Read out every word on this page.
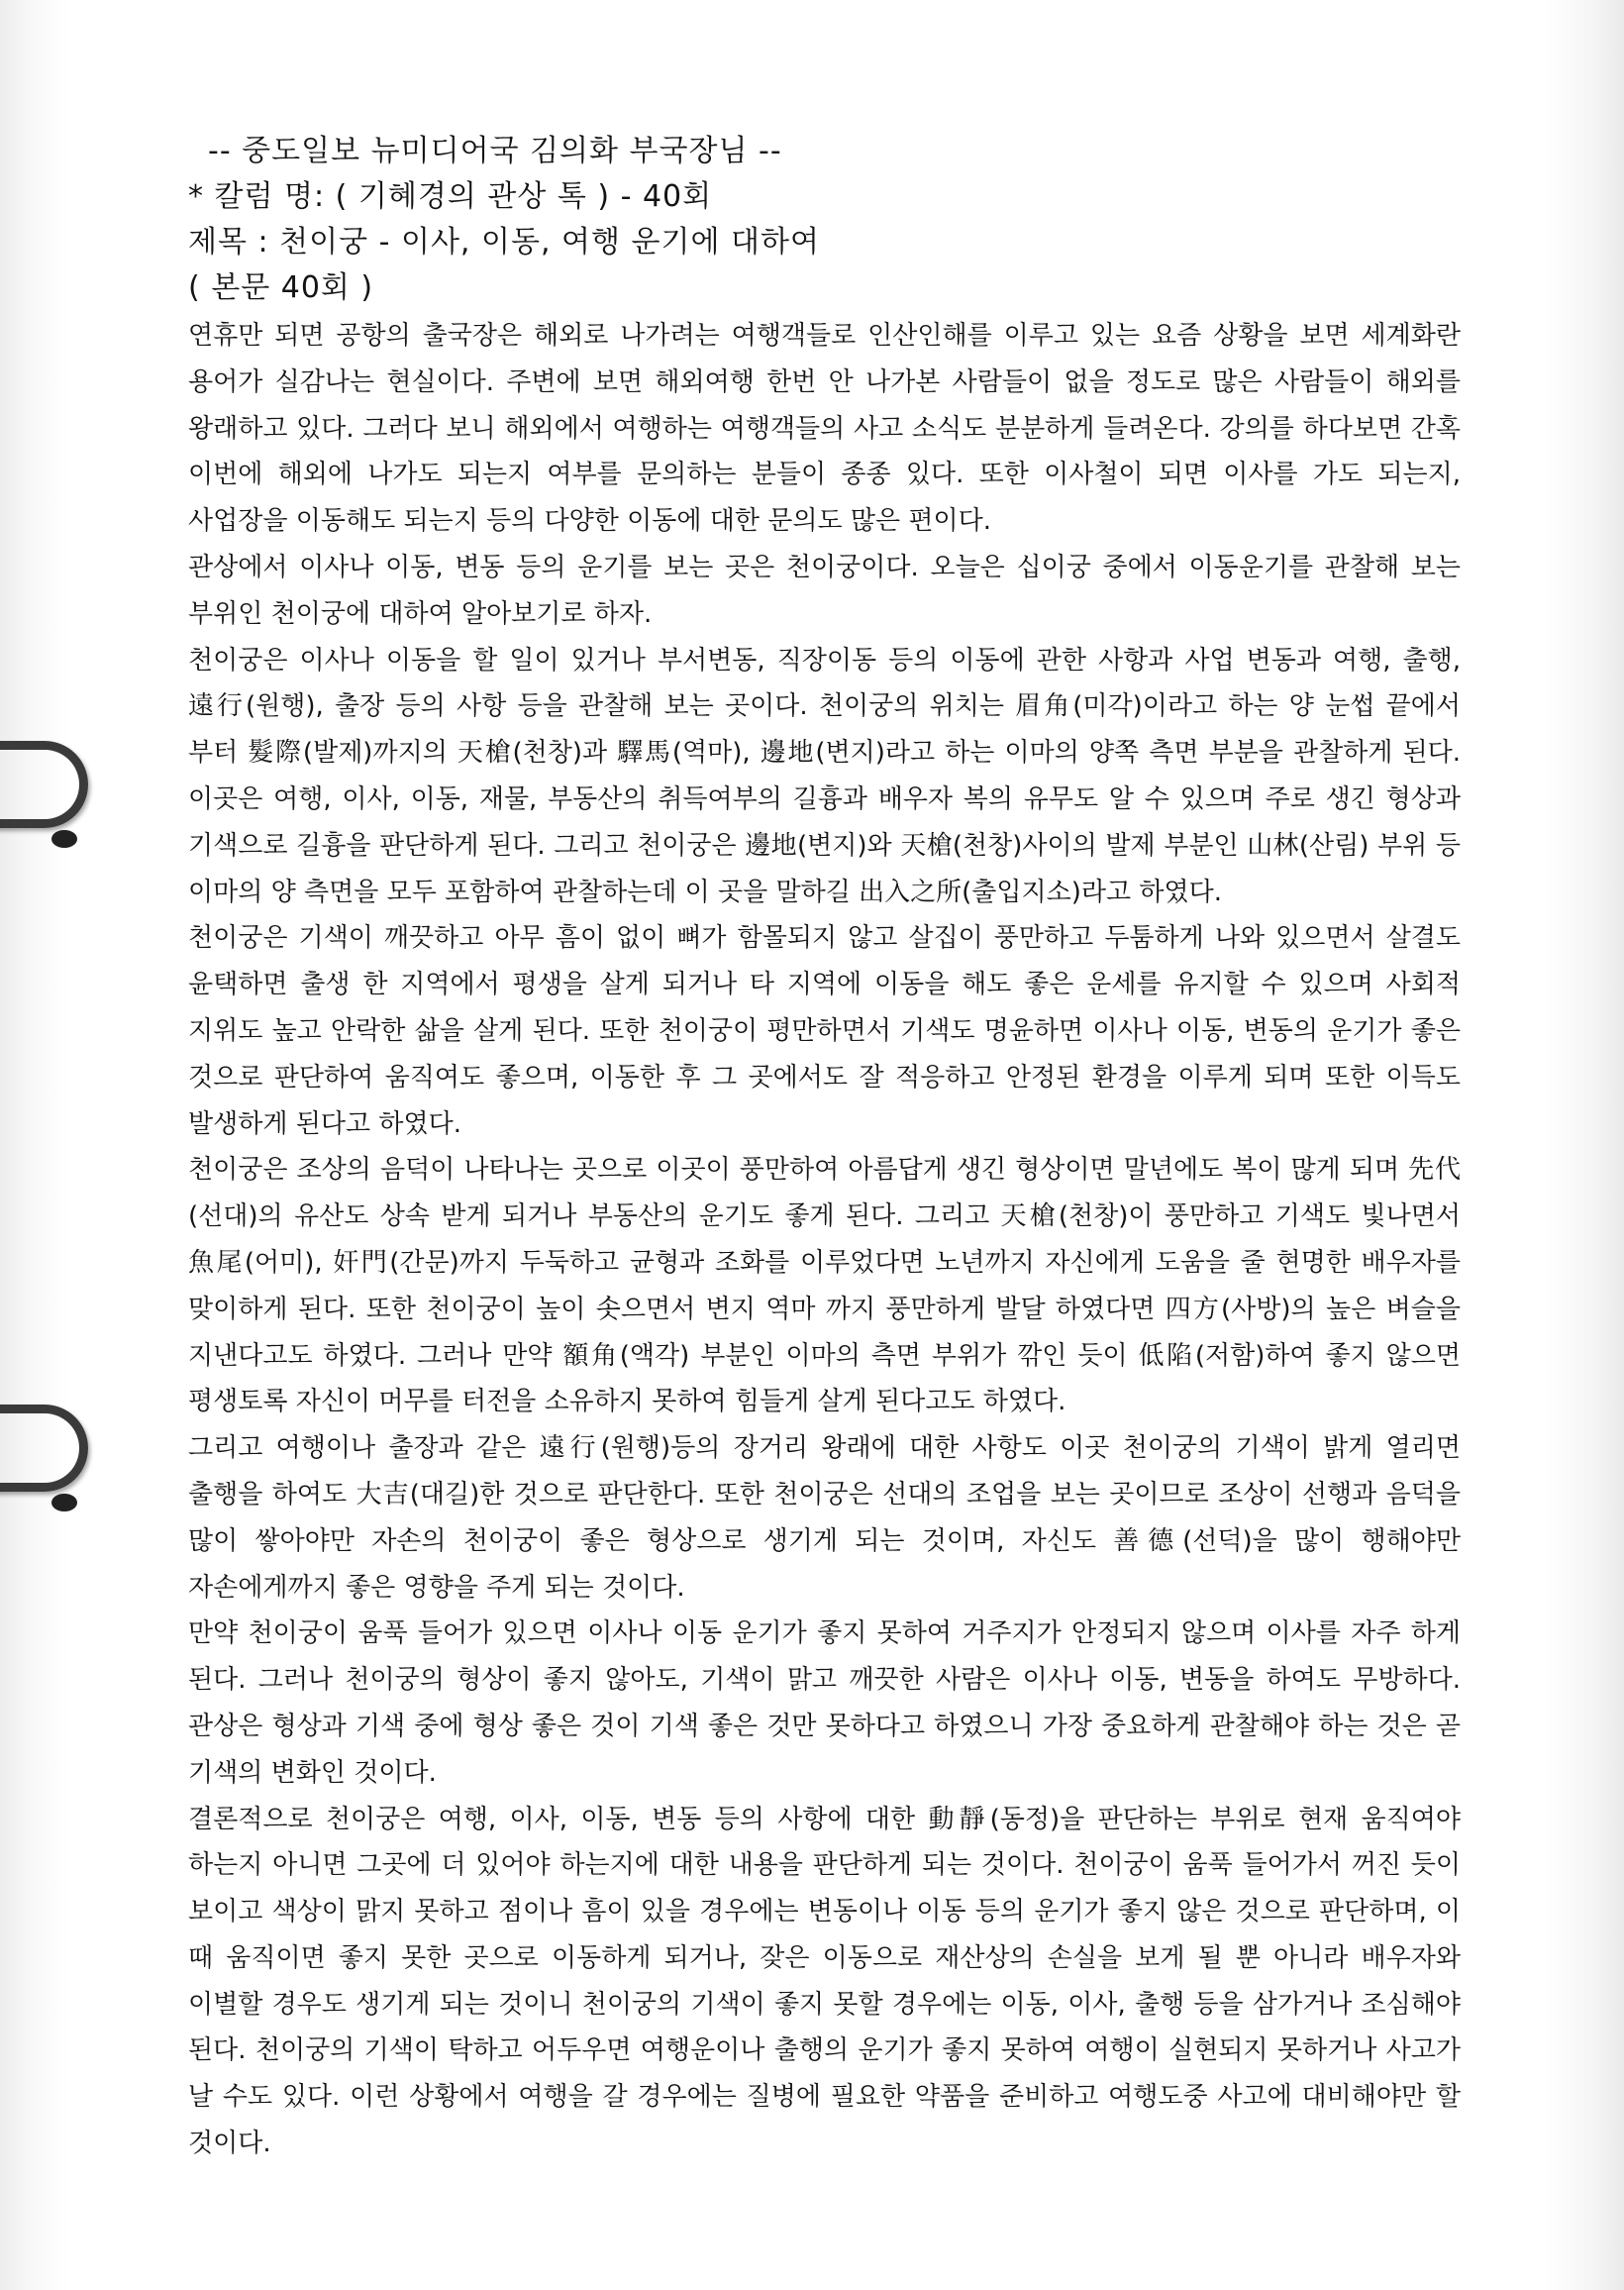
-- 중도일보 뉴미디어국 김의화 부국장님 --

* 칼럼 명: ( 기혜경의 관상 톡 ) - 40회

제목 : 천이궁 - 이사, 이동, 여행 운기에 대하여

( 본문 40회 )

연휴만 되면 공항의 출국장은 해외로 나가려는 여행객들로 인산인해를 이루고 있는 요즘 상황을 보면 세계화란 용어가 실감나는 현실이다. 주변에 보면 해외여행 한번 안 나가본 사람들이 없을 정도로 많은 사람들이 해외를 왕래하고 있다. 그러다 보니 해외에서 여행하는 여행객들의 사고 소식도 분분하게 들려온다. 강의를 하다보면 간혹 이번에 해외에 나가도 되는지 여부를 문의하는 분들이 종종 있다. 또한 이사철이 되면 이사를 가도 되는지, 사업장을 이동해도 되는지 등의 다양한 이동에 대한 문의도 많은 편이다.

관상에서 이사나 이동, 변동 등의 운기를 보는 곳은 천이궁이다. 오늘은 십이궁 중에서 이동운기를 관찰해 보는 부위인 천이궁에 대하여 알아보기로 하자.

천이궁은 이사나 이동을 할 일이 있거나 부서변동, 직장이동 등의 이동에 관한 사항과 사업 변동과 여행, 출행, 遠行(원행), 출장 등의 사항 등을 관찰해 보는 곳이다. 천이궁의 위치는 眉角(미각)이라고 하는 양 눈썹 끝에서 부터 髮際(발제)까지의 天槍(천창)과 驛馬(역마), 邊地(변지)라고 하는 이마의 양쪽 측면 부분을 관찰하게 된다. 이곳은 여행, 이사, 이동, 재물, 부동산의 취득여부의 길흉과 배우자 복의 유무도 알 수 있으며 주로 생긴 형상과 기색으로 길흉을 판단하게 된다. 그리고 천이궁은 邊地(변지)와 天槍(천창)사이의 발제 부분인 山林(산림) 부위 등 이마의 양 측면을 모두 포함하여 관찰하는데 이 곳을 말하길 出入之所(출입지소)라고 하였다.

천이궁은 기색이 깨끗하고 아무 흠이 없이 뼈가 함몰되지 않고 살집이 풍만하고 두툼하게 나와 있으면서 살결도 윤택하면 출생 한 지역에서 평생을 살게 되거나 타 지역에 이동을 해도 좋은 운세를 유지할 수 있으며 사회적 지위도 높고 안락한 삶을 살게 된다. 또한 천이궁이 평만하면서 기색도 명윤하면 이사나 이동, 변동의 운기가 좋은 것으로 판단하여 움직여도 좋으며, 이동한 후 그 곳에서도 잘 적응하고 안정된 환경을 이루게 되며 또한 이득도 발생하게 된다고 하였다.

천이궁은 조상의 음덕이 나타나는 곳으로 이곳이 풍만하여 아름답게 생긴 형상이면 말년에도 복이 많게 되며 先代(선대)의 유산도 상속 받게 되거나 부동산의 운기도 좋게 된다. 그리고 天槍(천창)이 풍만하고 기색도 빛나면서 魚尾(어미), 奸門(간문)까지 두둑하고 균형과 조화를 이루었다면 노년까지 자신에게 도움을 줄 현명한 배우자를 맞이하게 된다. 또한 천이궁이 높이 솟으면서 변지 역마 까지 풍만하게 발달 하였다면 四方(사방)의 높은 벼슬을 지낸다고도 하였다. 그러나 만약 額角(액각) 부분인 이마의 측면 부위가 깎인 듯이 低陷(저함)하여 좋지 않으면 평생토록 자신이 머무를 터전을 소유하지 못하여 힘들게 살게 된다고도 하였다.

그리고 여행이나 출장과 같은 遠行(원행)등의 장거리 왕래에 대한 사항도 이곳 천이궁의 기색이 밝게 열리면 출행을 하여도 大吉(대길)한 것으로 판단한다. 또한 천이궁은 선대의 조업을 보는 곳이므로 조상이 선행과 음덕을 많이 쌓아야만 자손의 천이궁이 좋은 형상으로 생기게 되는 것이며, 자신도 善德(선덕)을 많이 행해야만 자손에게까지 좋은 영향을 주게 되는 것이다.

만약 천이궁이 움푹 들어가 있으면 이사나 이동 운기가 좋지 못하여 거주지가 안정되지 않으며 이사를 자주 하게 된다. 그러나 천이궁의 형상이 좋지 않아도, 기색이 맑고 깨끗한 사람은 이사나 이동, 변동을 하여도 무방하다. 관상은 형상과 기색 중에 형상 좋은 것이 기색 좋은 것만 못하다고 하였으니 가장 중요하게 관찰해야 하는 것은 곧 기색의 변화인 것이다.

결론적으로 천이궁은 여행, 이사, 이동, 변동 등의 사항에 대한 動靜(동정)을 판단하는 부위로 현재 움직여야 하는지 아니면 그곳에 더 있어야 하는지에 대한 내용을 판단하게 되는 것이다. 천이궁이 움푹 들어가서 꺼진 듯이 보이고 색상이 맑지 못하고 점이나 흠이 있을 경우에는 변동이나 이동 등의 운기가 좋지 않은 것으로 판단하며, 이 때 움직이면 좋지 못한 곳으로 이동하게 되거나, 잦은 이동으로 재산상의 손실을 보게 될 뿐 아니라 배우자와 이별할 경우도 생기게 되는 것이니 천이궁의 기색이 좋지 못할 경우에는 이동, 이사, 출행 등을 삼가거나 조심해야 된다. 천이궁의 기색이 탁하고 어두우면 여행운이나 출행의 운기가 좋지 못하여 여행이 실현되지 못하거나 사고가 날 수도 있다. 이런 상황에서 여행을 갈 경우에는 질병에 필요한 약품을 준비하고 여행도중 사고에 대비해야만 할 것이다.
